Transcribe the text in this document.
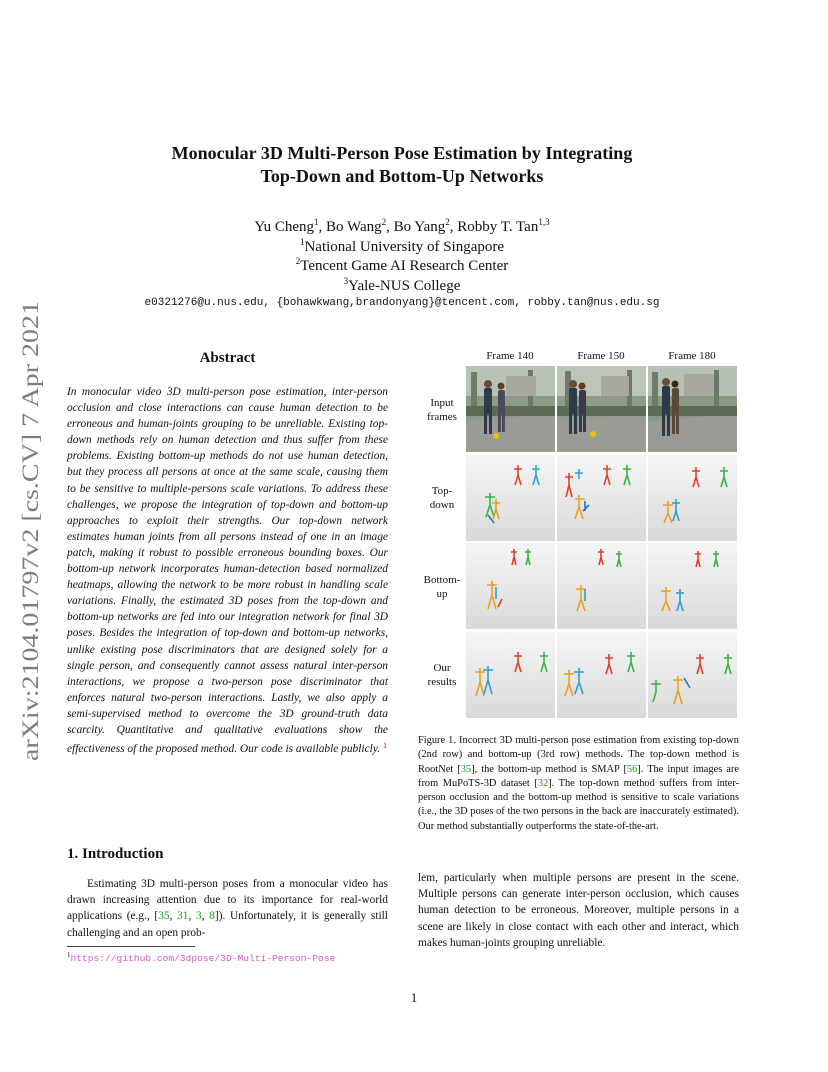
arXiv:2104.01797v2 [cs.CV] 7 Apr 2021
Monocular 3D Multi-Person Pose Estimation by Integrating
Top-Down and Bottom-Up Networks
Yu Cheng$^1$, Bo Wang$^2$, Bo Yang$^2$, Robby T. Tan$^{1,3}$
$^1$National University of Singapore
$^2$Tencent Game AI Research Center
$^3$Yale-NUS College
e0321276@u.nus.edu, {bohawkwang,brandonyang}@tencent.com, robby.tan@nus.edu.sg
Abstract
In monocular video 3D multi-person pose estimation, inter-person occlusion and close interactions can cause human detection to be erroneous and human-joints grouping to be unreliable. Existing top-down methods rely on human detection and thus suffer from these problems. Existing bottom-up methods do not use human detection, but they process all persons at once at the same scale, causing them to be sensitive to multiple-persons scale variations. To address these challenges, we propose the integration of top-down and bottom-up approaches to exploit their strengths. Our top-down network estimates human joints from all persons instead of one in an image patch, making it robust to possible erroneous bounding boxes. Our bottom-up network incorporates human-detection based normalized heatmaps, allowing the network to be more robust in handling scale variations. Finally, the estimated 3D poses from the top-down and bottom-up networks are fed into our integration network for final 3D poses. Besides the integration of top-down and bottom-up networks, unlike existing pose discriminators that are designed solely for a single person, and consequently cannot assess natural inter-person interactions, we propose a two-person pose discriminator that enforces natural two-person interactions. Lastly, we also apply a semi-supervised method to overcome the 3D ground-truth data scarcity. Quantitative and qualitative evaluations show the effectiveness of the proposed method. Our code is available publicly. $^1$
1. Introduction
Estimating 3D multi-person poses from a monocular video has drawn increasing attention due to its importance for real-world applications (e.g., [35, 31, 3, 8]). Unfortunately, it is generally still challenging and an open prob-
$^1$https://github.com/3dpose/3D-Multi-Person-Pose
1
Frame 140	Frame 150	Frame 180
Input
frames
Top-
down
Bottom-
up
Our
results
Figure 1. Incorrect 3D multi-person pose estimation from existing top-down (2nd row) and bottom-up (3rd row) methods. The top-down method is RootNet [35], the bottom-up method is SMAP [56]. The input images are from MuPoTS-3D dataset [32]. The top-down method suffers from inter-person occlusion and the bottom-up method is sensitive to scale variations (i.e., the 3D poses of the two persons in the back are inaccurately estimated). Our method substantially outperforms the state-of-the-art.
lem, particularly when multiple persons are present in the scene. Multiple persons can generate inter-person occlusion, which causes human detection to be erroneous. Moreover, multiple persons in a scene are likely in close contact with each other and interact, which makes human-joints grouping unreliable.
